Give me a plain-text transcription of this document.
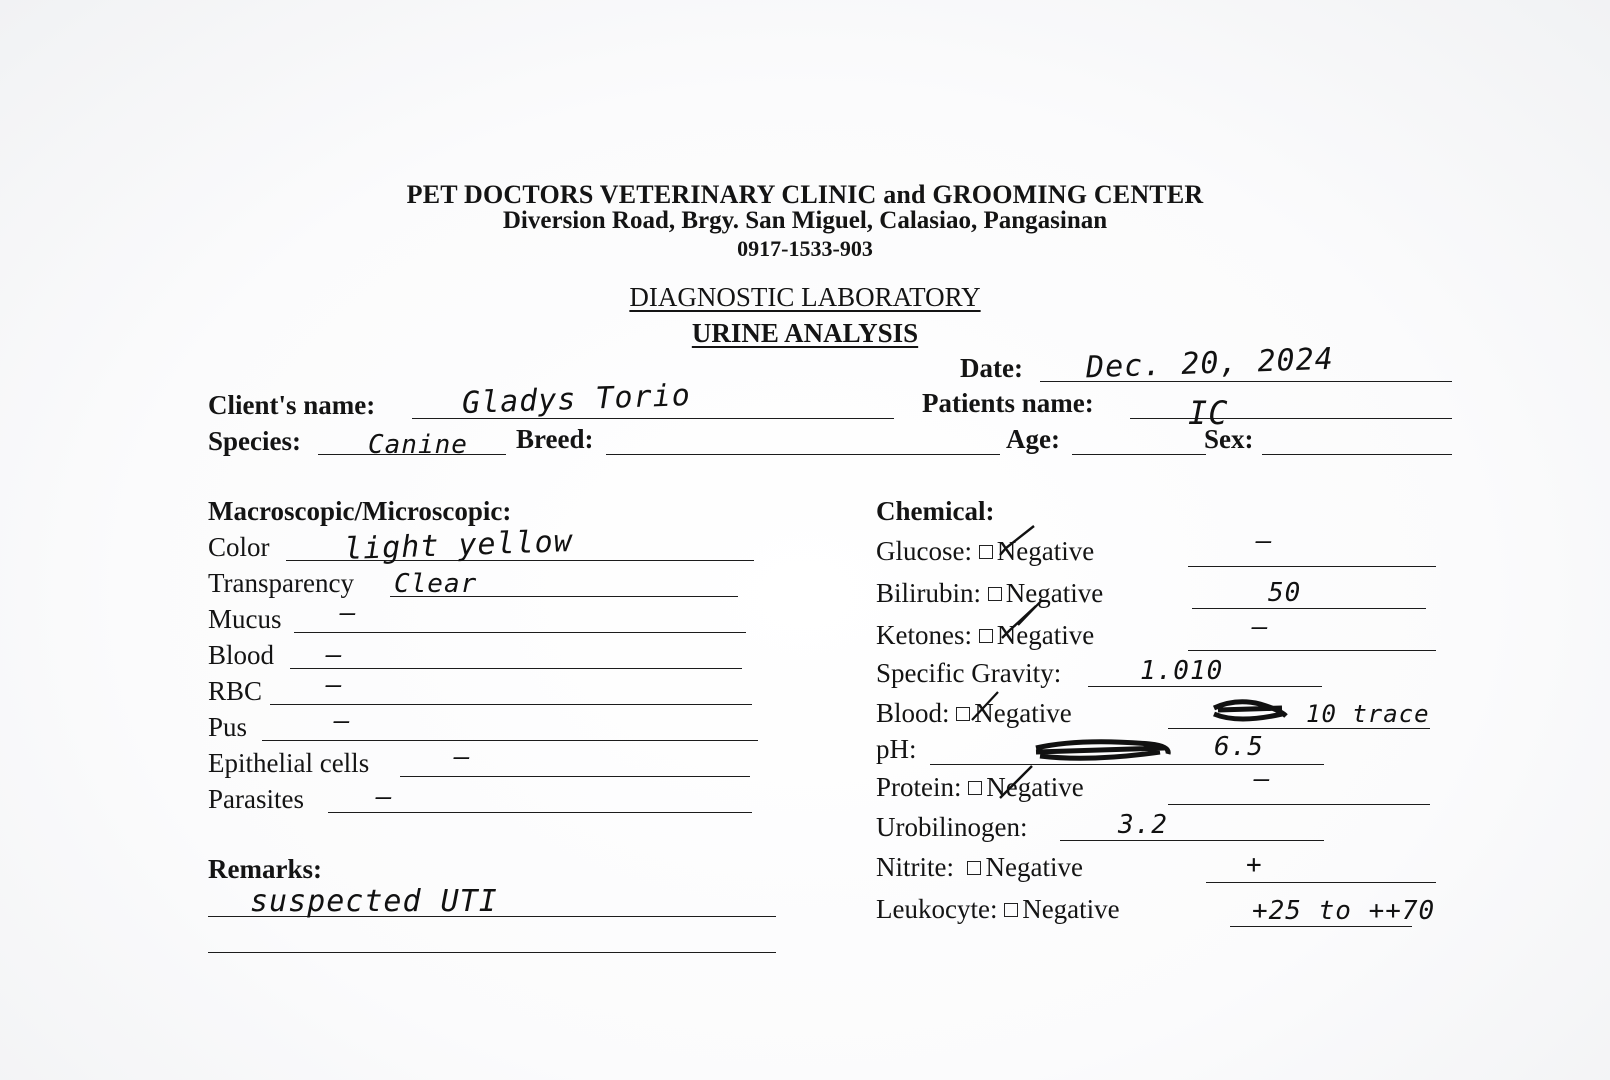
PET DOCTORS VETERINARY CLINIC and GROOMING CENTER
Diversion Road, Brgy. San Miguel, Calasiao, Pangasinan
0917-1533-903
DIAGNOSTIC LABORATORY
URINE ANALYSIS
Date: Dec. 20, 2024
Client's name:	Gladys Torio	Patients name:	IC
Species:	Canine Breed:	Age:	Sex:
Macroscopic/Microscopic:
Color light yellow
Transparency Clear
Mucus –
Blood –
RBC –
Pus	–
Epithelial cells	–
Parasites	–
Remarks:
suspected UTI
Chemical:
Glucose: Negative	–
Bilirubin: Negative	50
Ketones: Negative	–
Specific Gravity:	1.010
Blood: Negative	10 trace
pH:	6.5
Protein: Negative	–
Urobilinogen:	3.2
Nitrite: Negative	+
Leukocyte: Negative	+25 to ++70
